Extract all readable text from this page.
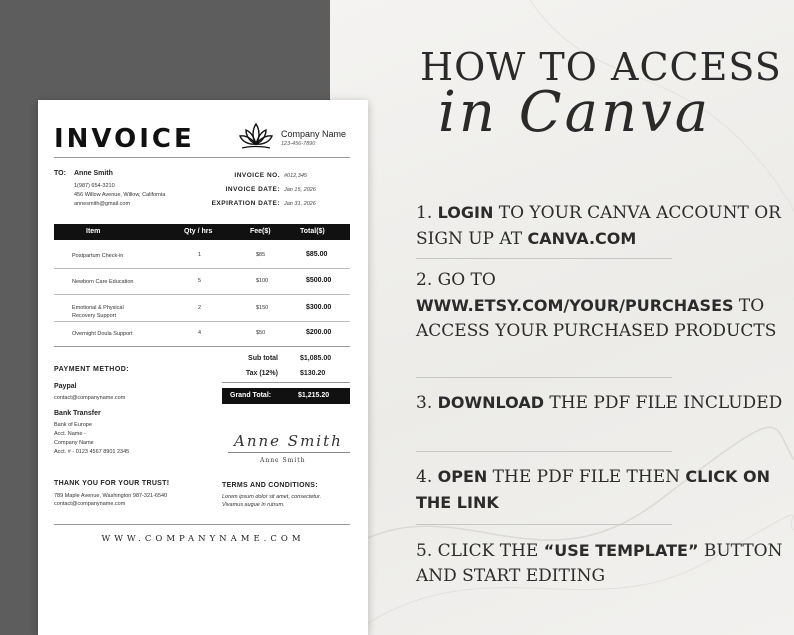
INVOICE	Company Name
123-456-7890
TO: Anne Smith
1(987) 654-3210
456 Willow Avenue, Willow, California
annesmith@gmail.com
INVOICE NO. #012,345
INVOICE DATE: Jan 15, 2026
EXPIRATION DATE: Jan 31, 2026
Item	Qty / hrs	Fee($)	Total($)
Postpartum Check-in	1	$85	$85.00
Newborn Care Education	5	$100	$500.00
Emotional & Physical
Recovery Support
2	$150	$300.00
Overnight Doula Support	4	$50	$200.00
Sub total	$1,085.00
Tax (12%)	$130.20
Grand Total:	$1,215.20
PAYMENT METHOD:
Paypal
contact@companyname.com
Bank Transfer
Bank of Europe
Acct. Name -
Company Name
Acct. # - 0123 4567 8901 2345
Anne Smith
Anne Smith
THANK YOU FOR YOUR TRUST!
789 Maple Avenue, Washington 987-321-6540
contact@companyname.com
TERMS AND CONDITIONS:
Lorem ipsum dolor sit amet, consectetur.
Vivamus augue in rutrum.
WWW.COMPANYNAME.COM
HOW TO ACCESS
in Canva
1. LOGIN TO YOUR CANVA ACCOUNT OR SIGN UP AT CANVA.COM
2. GO TO WWW.ETSY.COM/YOUR/PURCHASES TO ACCESS YOUR PURCHASED PRODUCTS
3. DOWNLOAD THE PDF FILE INCLUDED
4. OPEN THE PDF FILE THEN CLICK ON THE LINK
5. CLICK THE “USE TEMPLATE” BUTTON AND START EDITING
